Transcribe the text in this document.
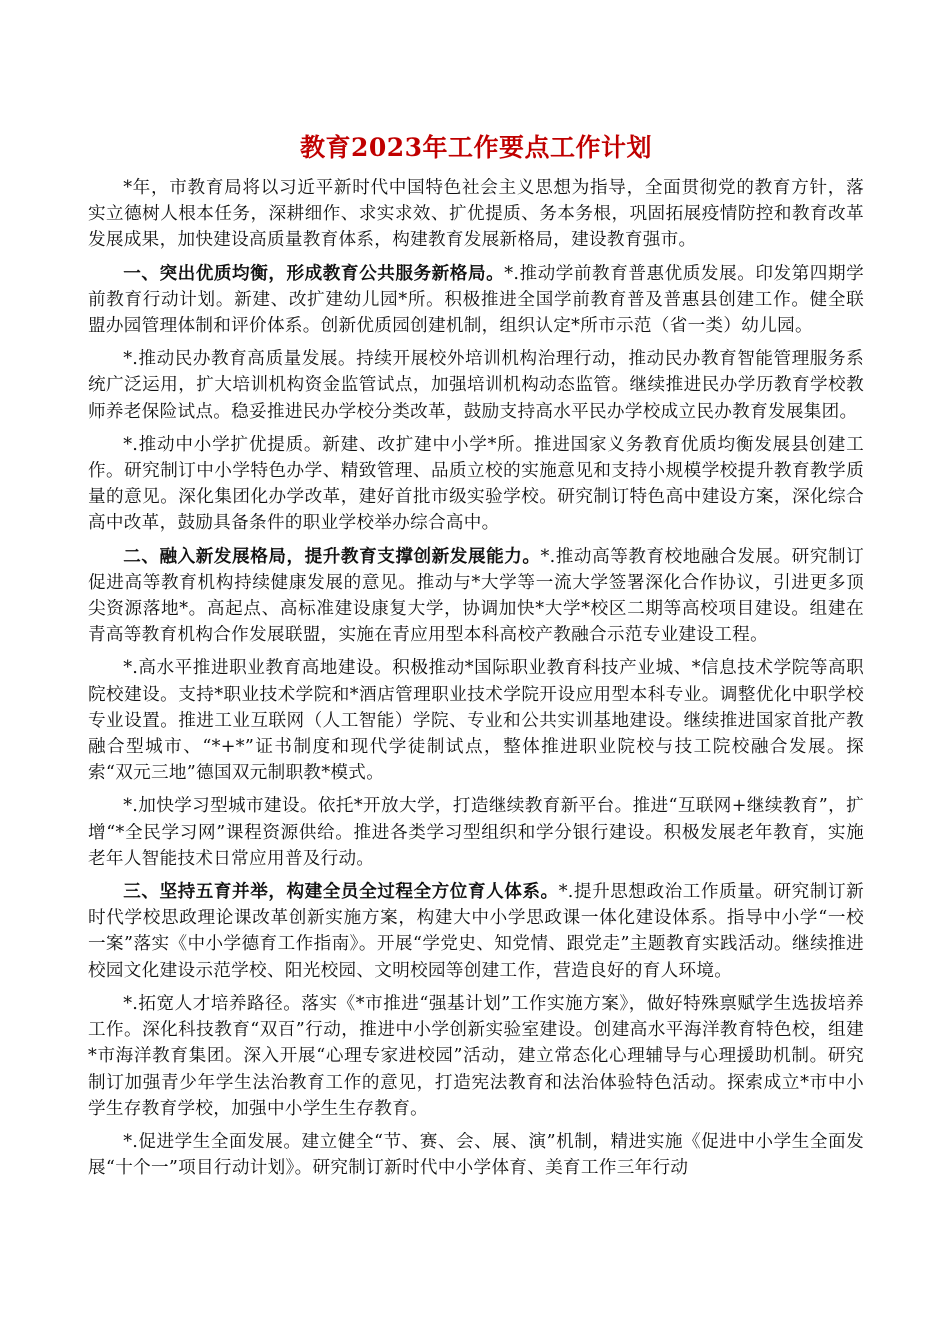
教育2023年工作要点工作计划

*年，市教育局将以习近平新时代中国特色社会主义思想为指导，全面贯彻党的教育方针，落实立德树人根本任务，深耕细作、求实求效、扩优提质、务本务根，巩固拓展疫情防控和教育改革发展成果，加快建设高质量教育体系，构建教育发展新格局，建设教育强市。

一、突出优质均衡，形成教育公共服务新格局。*.推动学前教育普惠优质发展。印发第四期学前教育行动计划。新建、改扩建幼儿园*所。积极推进全国学前教育普及普惠县创建工作。健全联盟办园管理体制和评价体系。创新优质园创建机制，组织认定*所市示范（省一类）幼儿园。

*.推动民办教育高质量发展。持续开展校外培训机构治理行动，推动民办教育智能管理服务系统广泛运用，扩大培训机构资金监管试点，加强培训机构动态监管。继续推进民办学历教育学校教师养老保险试点。稳妥推进民办学校分类改革，鼓励支持高水平民办学校成立民办教育发展集团。

*.推动中小学扩优提质。新建、改扩建中小学*所。推进国家义务教育优质均衡发展县创建工作。研究制订中小学特色办学、精致管理、品质立校的实施意见和支持小规模学校提升教育教学质量的意见。深化集团化办学改革，建好首批市级实验学校。研究制订特色高中建设方案，深化综合高中改革，鼓励具备条件的职业学校举办综合高中。

二、融入新发展格局，提升教育支撑创新发展能力。*.推动高等教育校地融合发展。研究制订促进高等教育机构持续健康发展的意见。推动与*大学等一流大学签署深化合作协议，引进更多顶尖资源落地*。高起点、高标准建设康复大学，协调加快*大学*校区二期等高校项目建设。组建在青高等教育机构合作发展联盟，实施在青应用型本科高校产教融合示范专业建设工程。

*.高水平推进职业教育高地建设。积极推动*国际职业教育科技产业城、*信息技术学院等高职院校建设。支持*职业技术学院和*酒店管理职业技术学院开设应用型本科专业。调整优化中职学校专业设置。推进工业互联网（人工智能）学院、专业和公共实训基地建设。继续推进国家首批产教融合型城市、“*+*”证书制度和现代学徒制试点，整体推进职业院校与技工院校融合发展。探索“双元三地”德国双元制职教*模式。

*.加快学习型城市建设。依托*开放大学，打造继续教育新平台。推进“互联网+继续教育”，扩增“*全民学习网”课程资源供给。推进各类学习型组织和学分银行建设。积极发展老年教育，实施老年人智能技术日常应用普及行动。

三、坚持五育并举，构建全员全过程全方位育人体系。*.提升思想政治工作质量。研究制订新时代学校思政理论课改革创新实施方案，构建大中小学思政课一体化建设体系。指导中小学“一校一案”落实《中小学德育工作指南》。开展“学党史、知党情、跟党走”主题教育实践活动。继续推进校园文化建设示范学校、阳光校园、文明校园等创建工作，营造良好的育人环境。

*.拓宽人才培养路径。落实《*市推进“强基计划”工作实施方案》，做好特殊禀赋学生选拔培养工作。深化科技教育“双百”行动，推进中小学创新实验室建设。创建高水平海洋教育特色校，组建*市海洋教育集团。深入开展“心理专家进校园”活动，建立常态化心理辅导与心理援助机制。研究制订加强青少年学生法治教育工作的意见，打造宪法教育和法治体验特色活动。探索成立*市中小学生存教育学校，加强中小学生生存教育。

*.促进学生全面发展。建立健全“节、赛、会、展、演”机制，精进实施《促进中小学生全面发展“十个一”项目行动计划》。研究制订新时代中小学体育、美育工作三年行动
